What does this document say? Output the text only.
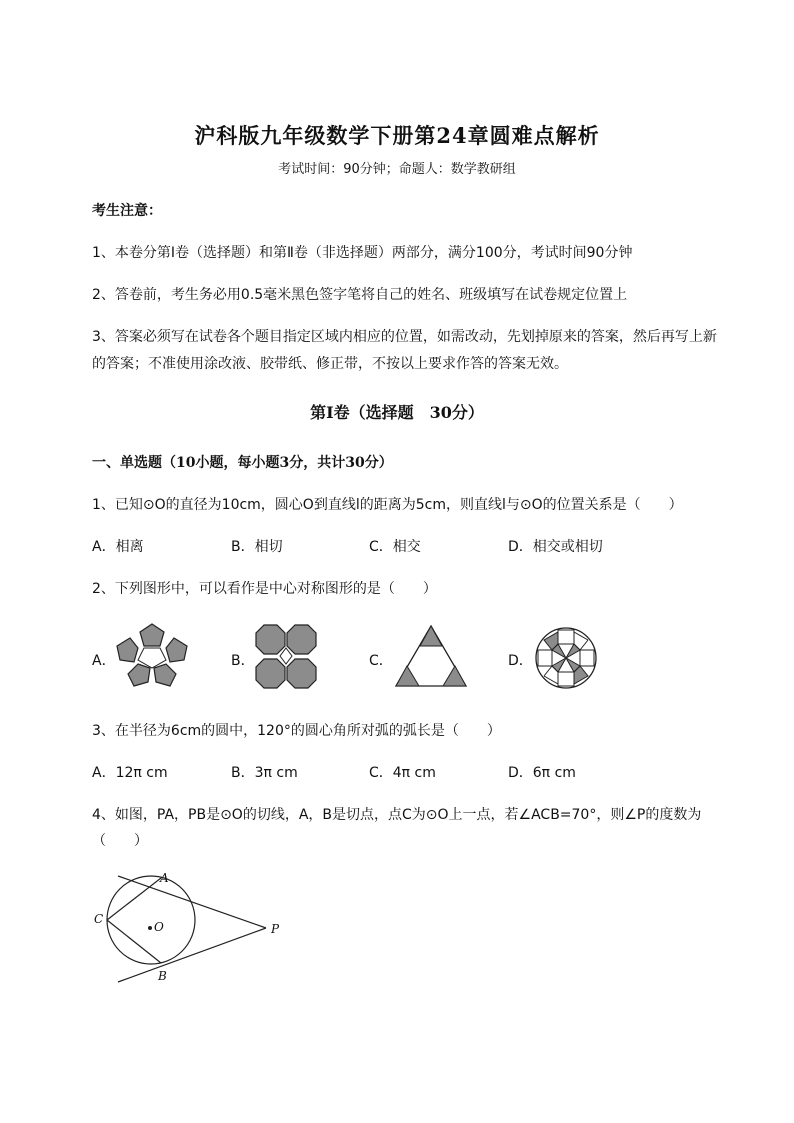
沪科版九年级数学下册第24章圆难点解析
考试时间：90分钟；命题人：数学教研组
考生注意：
1、本卷分第I卷（选择题）和第Ⅱ卷（非选择题）两部分，满分100分，考试时间90分钟
2、答卷前，考生务必用0.5毫米黑色签字笔将自己的姓名、班级填写在试卷规定位置上
3、答案必须写在试卷各个题目指定区域内相应的位置，如需改动，先划掉原来的答案，然后再写上新
的答案；不准使用涂改液、胶带纸、修正带，不按以上要求作答的答案无效。
第I卷（选择题　30分）
一、单选题（10小题，每小题3分，共计30分）
1、已知⊙O的直径为10cm，圆心O到直线l的距离为5cm，则直线l与⊙O的位置关系是（　　）
A．相离	B．相切	C．相交	D．相交或相切
2、下列图形中，可以看作是中心对称图形的是（　　）
A．	B．	C．	D．
3、在半径为6cm的圆中，120°的圆心角所对弧的弧长是（　　）
A．12π cm	B．3π cm	C．4π cm	D．6π cm
4、如图，PA，PB是⊙O的切线，A，B是切点，点C为⊙O上一点，若∠ACB=70°，则∠P的度数为
（　　）
A
B
C
O	P
